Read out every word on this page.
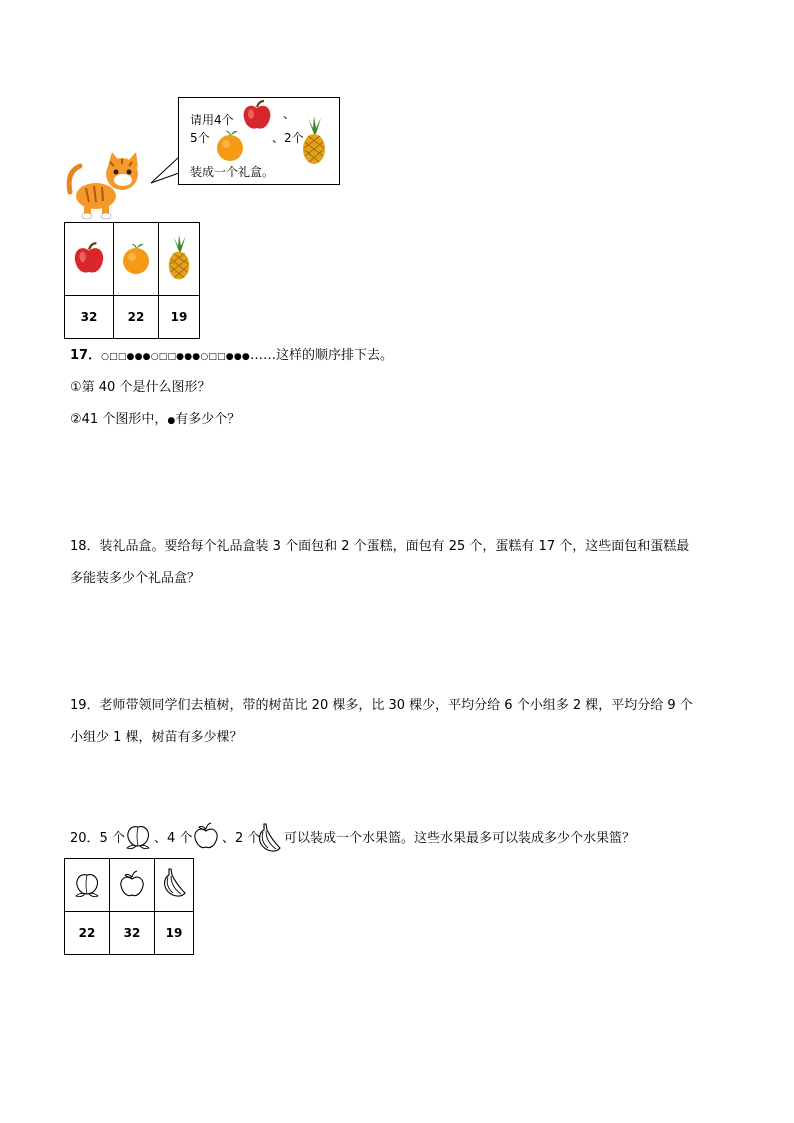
请用4个	、
5个	、2个
装成一个礼盒。

32	22	19
17．○□□●●●○□□●●●○□□●●●……这样的顺序排下去。
①第 40 个是什么图形？
②41 个图形中，●有多少个？
18．装礼品盒。要给每个礼品盒装 3 个面包和 2 个蛋糕，面包有 25 个，蛋糕有 17 个，这些面包和蛋糕最
多能装多少个礼品盒？
19．老师带领同学们去植树，带的树苗比 20 棵多，比 30 棵少，平均分给 6 个小组多 2 棵，平均分给 9 个
小组少 1 棵，树苗有多少棵？
20．5 个 、4 个 、2 个 可以装成一个水果篮。这些水果最多可以装成多少个水果篮？

22	32	19
